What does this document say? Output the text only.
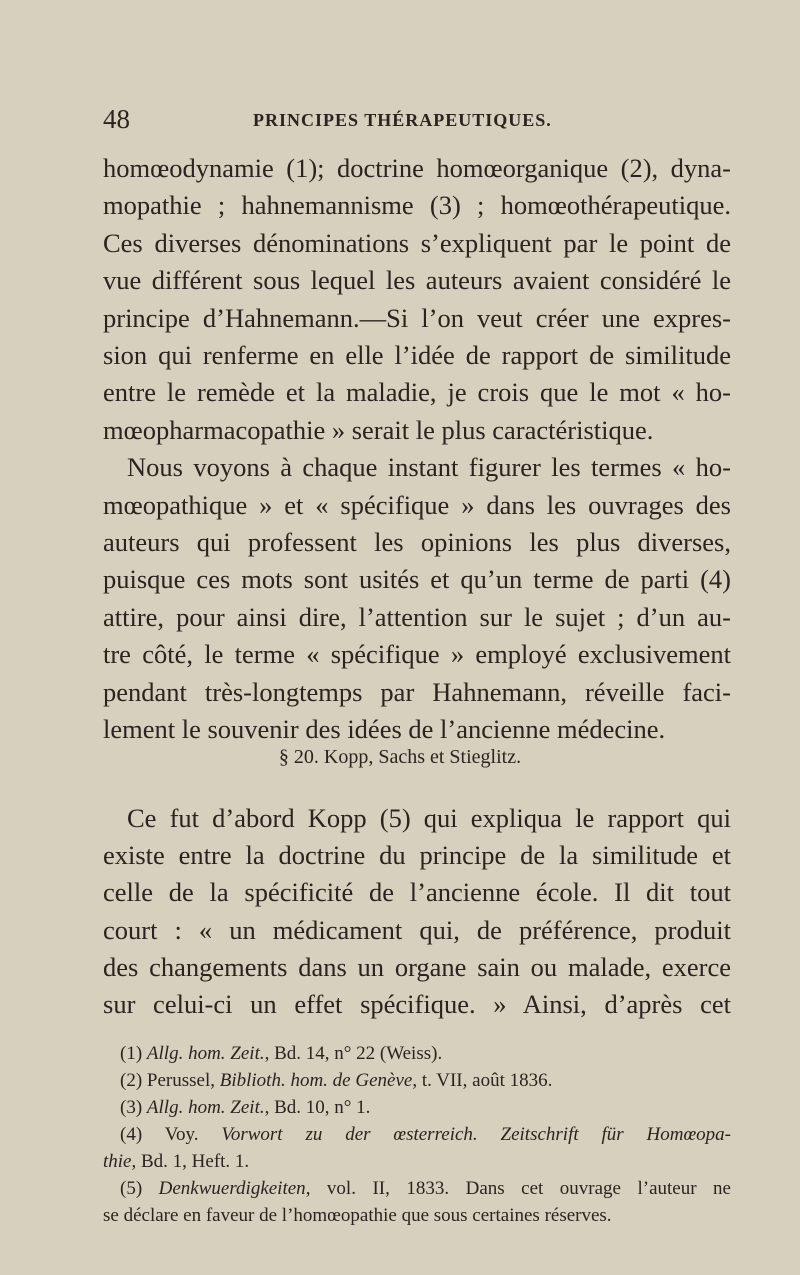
48	PRINCIPES THÉRAPEUTIQUES.

homœodynamie (1); doctrine homœorganique (2), dyna-

mopathie ; hahnemannisme (3) ; homœothérapeutique.

Ces diverses dénominations s’expliquent par le point de

vue différent sous lequel les auteurs avaient considéré le

principe d’Hahnemann.—Si l’on veut créer une expres-

sion qui renferme en elle l’idée de rapport de similitude

entre le remède et la maladie, je crois que le mot « ho-

mœopharmacopathie » serait le plus caractéristique.

Nous voyons à chaque instant figurer les termes « ho-

mœopathique » et « spécifique » dans les ouvrages des

auteurs qui professent les opinions les plus diverses,

puisque ces mots sont usités et qu’un terme de parti (4)

attire, pour ainsi dire, l’attention sur le sujet ; d’un au-

tre côté, le terme « spécifique » employé exclusivement

pendant très-longtemps par Hahnemann, réveille faci-

lement le souvenir des idées de l’ancienne médecine.

§ 20. Kopp, Sachs et Stieglitz.

Ce fut d’abord Kopp (5) qui expliqua le rapport qui

existe entre la doctrine du principe de la similitude et

celle de la spécificité de l’ancienne école. Il dit tout

court : « un médicament qui, de préférence, produit

des changements dans un organe sain ou malade, exerce

sur celui-ci un effet spécifique. » Ainsi, d’après cet

(1) Allg. hom. Zeit., Bd. 14, n° 22 (Weiss).

(2) Perussel, Biblioth. hom. de Genève, t. VII, août 1836.

(3) Allg. hom. Zeit., Bd. 10, n° 1.

(4) Voy. Vorwort zu der œsterreich. Zeitschrift für Homœopa-

thie, Bd. 1, Heft. 1.

(5) Denkwuerdigkeiten, vol. II, 1833. Dans cet ouvrage l’auteur ne

se déclare en faveur de l’homœopathie que sous certaines réserves.
